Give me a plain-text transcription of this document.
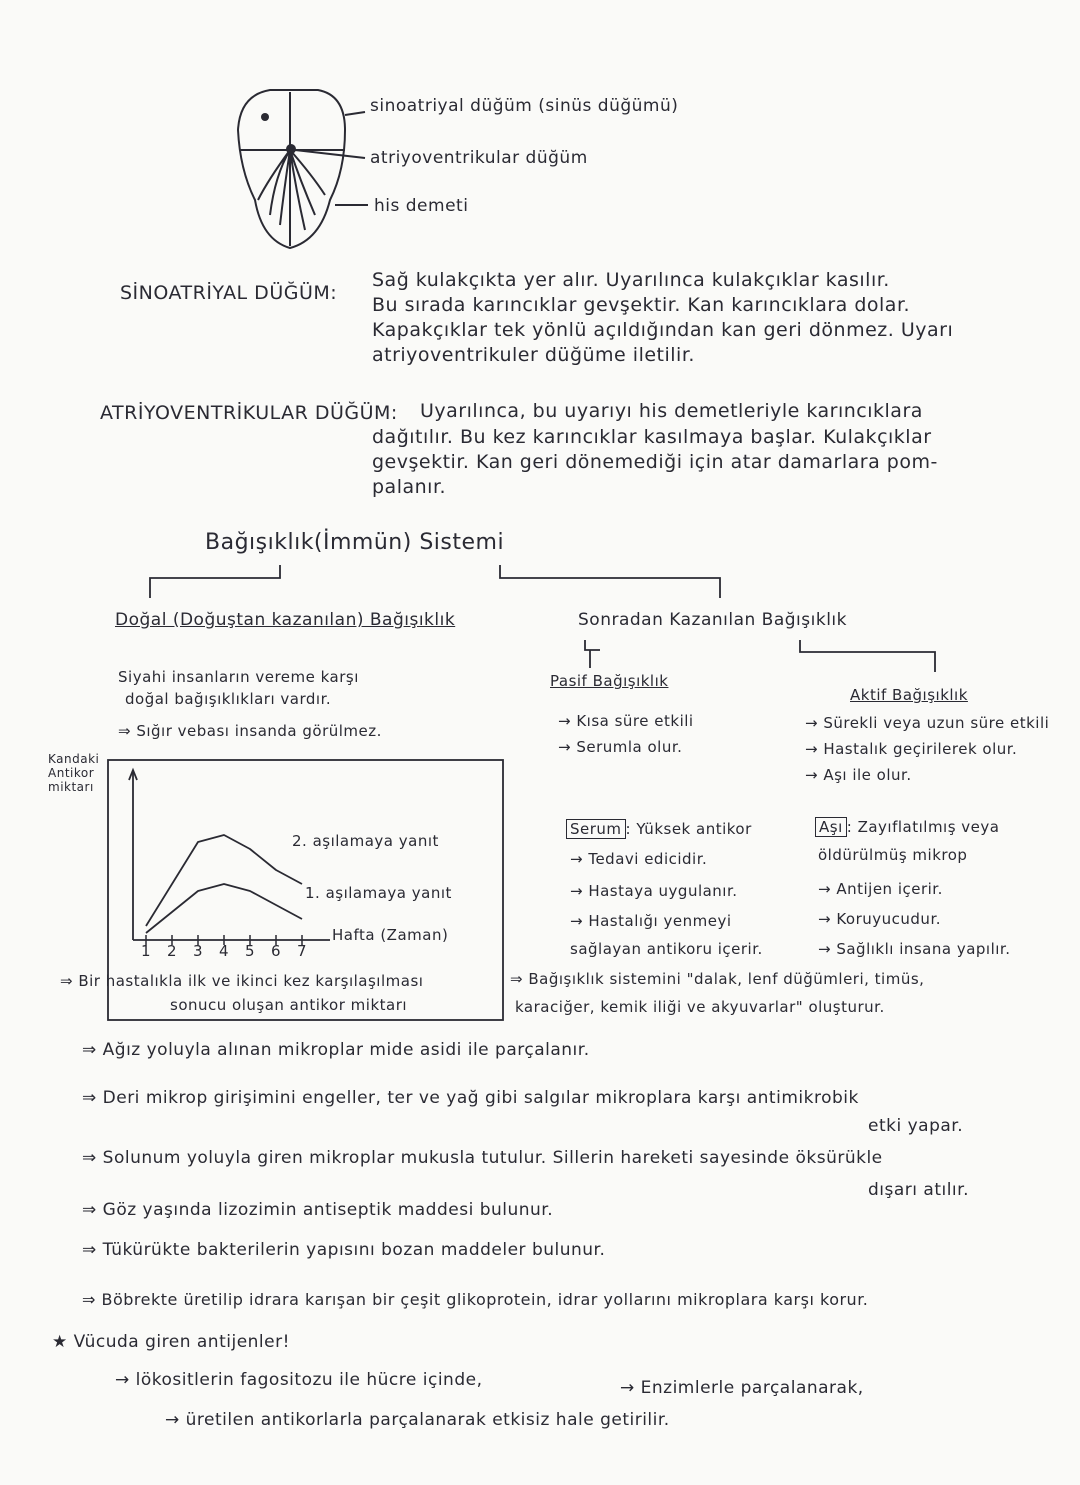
sinoatriyal düğüm (sinüs düğümü)
atriyoventrikular düğüm
his demeti
SİNOATRİYAL DÜĞÜM:
Sağ kulakçıkta yer alır. Uyarılınca kulakçıklar kasılır.
Bu sırada karıncıklar gevşektir. Kan karıncıklara dolar.
Kapakçıklar tek yönlü açıldığından kan geri dönmez. Uyarı
atriyoventrikuler düğüme iletilir.
ATRİYOVENTRİKULAR DÜĞÜM: Uyarılınca, bu uyarıyı his demetleriyle karıncıklara
dağıtılır. Bu kez karıncıklar kasılmaya başlar. Kulakçıklar
gevşektir. Kan geri dönemediği için atar damarlara pom-
palanır.
Bağışıklık(İmmün) Sistemi
Doğal (Doğuştan kazanılan) Bağışıklık
Siyahi insanların vereme karşı
doğal bağışıklıkları vardır.
⇒ Sığır vebası insanda görülmez.
Sonradan Kazanılan Bağışıklık
Pasif Bağışıklık
→ Kısa süre etkili
→ Serumla olur.
Aktif Bağışıklık
→ Sürekli veya uzun süre etkili
→ Hastalık geçirilerek olur.
→ Aşı ile olur.
Kandaki
Antikor
miktarı
2. aşılamaya yanıt
1. aşılamaya yanıt
Hafta (Zaman)
1 2 3 4 5 6 7
⇒ Bir hastalıkla ilk ve ikinci kez karşılaşılması
sonucu oluşan antikor miktarı
Serum : Yüksek antikor
→ Tedavi edicidir.
→ Hastaya uygulanır.
→ Hastalığı yenmeyi
sağlayan antikoru içerir.
Aşı : Zayıflatılmış veya
öldürülmüş mikrop
→ Antijen içerir.
→ Koruyucudur.
→ Sağlıklı insana yapılır.
⇒ Bağışıklık sistemini "dalak, lenf düğümleri, timüs,
karaciğer, kemik iliği ve akyuvarlar" oluşturur.
⇒ Ağız yoluyla alınan mikroplar mide asidi ile parçalanır.
⇒ Deri mikrop girişimini engeller, ter ve yağ gibi salgılar mikroplara karşı antimikrobik
etki yapar.
⇒ Solunum yoluyla giren mikroplar mukusla tutulur. Sillerin hareketi sayesinde öksürükle
dışarı atılır.
⇒ Göz yaşında lizozimin antiseptik maddesi bulunur.
⇒ Tükürükte bakterilerin yapısını bozan maddeler bulunur.
⇒ Böbrekte üretilip idrara karışan bir çeşit glikoprotein, idrar yollarını mikroplara karşı korur.
★ Vücuda giren antijenler!
→ lökositlerin fagositozu ile hücre içinde,	→ Enzimlerle parçalanarak,
→ üretilen antikorlarla parçalanarak etkisiz hale getirilir.
